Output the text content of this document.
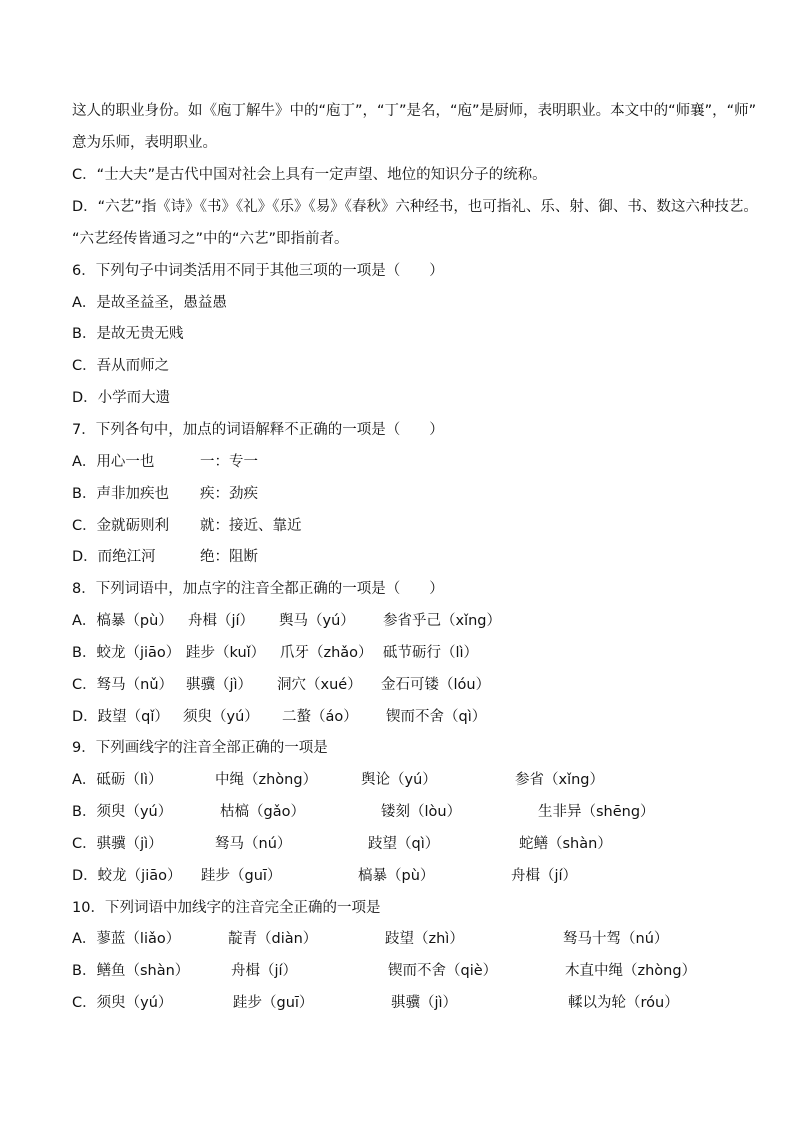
这人的职业身份。如《庖丁解牛》中的“庖丁”，“丁”是名，“庖”是厨师，表明职业。本文中的“师襄”，“师”
意为乐师，表明职业。
C．“士大夫”是古代中国对社会上具有一定声望、地位的知识分子的统称。
D．“六艺”指《诗》《书》《礼》《乐》《易》《春秋》六种经书，也可指礼、乐、射、御、书、数这六种技艺。
“六艺经传皆通习之”中的“六艺”即指前者。
6．下列句子中词类活用不同于其他三项的一项是（　　）
A．是故圣益圣，愚益愚
B．是故无贵无贱
C．吾从而师之
D．小学而大遗
7．下列各句中，加点的词语解释不正确的一项是（　　）
A．用心一也	一：专一
B．声非加疾也 疾：劲疾
C．金就砺则利 就：接近、靠近
D．而绝江河	绝：阻断
8．下列词语中，加点字的注音全都正确的一项是（　　）
A．槁暴（pù） 舟楫（jí） 舆马（yú） 参省乎己（xǐng）
B．蛟龙（jiāo） 跬步（kuǐ） 爪牙（zhǎo） 砥节砺行（lì）
C．驽马（nǔ） 骐骥（jì） 洞穴（xué） 金石可镂（lóu）
D．跂望（qǐ） 须臾（yú） 二螯（áo） 锲而不舍（qì）
9．下列画线字的注音全部正确的一项是
A．砥砺（lì）	中绳（zhòng）	舆论（yú）	参省（xǐng）
B．须臾（yú）	枯槁（gǎo）	镂刻（lòu）	生非异（shēng）
C．骐骥（jì）	驽马（nú）	跂望（qì）	蛇鳝（shàn）
D．蛟龙（jiāo） 跬步（guī）	槁暴（pù）	舟楫（jí）
10．下列词语中加线字的注音完全正确的一项是
A．蓼蓝（liǎo）	靛青（diàn）	跂望（zhì）	驽马十驾（nú）
B．鳝鱼（shàn）	舟楫（jí）	锲而不舍（qiè）	木直中绳（zhòng）
C．须臾（yú）	跬步（guī）	骐骥（jì）	輮以为轮（róu）
